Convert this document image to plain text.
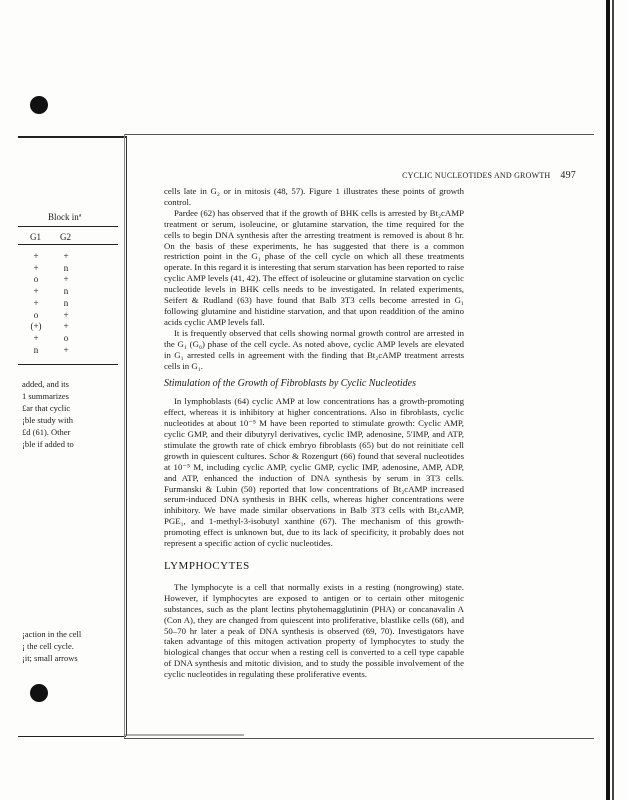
Block inª
G1	G2
+
+
o
+
+
o
(+)
+
n
+
n
+
n
n
+
+
o
+
added, and its
1 summarizes
£ar that cyclic
¡ble study with
£d (61). Other
¡ble if added to
¡action in the cell
¡ the cell cycle.
¡it; small arrows
CYCLIC NUCLEOTIDES AND GROWTH 497

cells late in G₂ or in mitosis (48, 57). Figure 1 illustrates these points of growth control.

Pardee (62) has observed that if the growth of BHK cells is arrested by Bt₂cAMP treatment or serum, isoleucine, or glutamine starvation, the time required for the cells to begin DNA synthesis after the arresting treatment is removed is about 8 hr. On the basis of these experiments, he has suggested that there is a common restriction point in the G₁ phase of the cell cycle on which all these treatments operate. In this regard it is interesting that serum starvation has been reported to raise cyclic AMP levels (41, 42). The effect of isoleucine or glutamine starvation on cyclic nucleotide levels in BHK cells needs to be investigated. In related experiments, Seifert & Rudland (63) have found that Balb 3T3 cells become arrested in G₁ following glutamine and histidine starvation, and that upon readdition of the amino acids cyclic AMP levels fall.

It is frequently observed that cells showing normal growth control are arrested in the G₁ (G₀) phase of the cell cycle. As noted above, cyclic AMP levels are elevated in G₁ arrested cells in agreement with the finding that Bt₂cAMP treatment arrests cells in G₁.

Stimulation of the Growth of Fibroblasts by Cyclic Nucleotides

In lymphoblasts (64) cyclic AMP at low concentrations has a growth-promoting effect, whereas it is inhibitory at higher concentrations. Also in fibroblasts, cyclic nucleotides at about 10⁻⁵ M have been reported to stimulate growth: Cyclic AMP, cyclic GMP, and their dibutyryl derivatives, cyclic IMP, adenosine, 5′IMP, and ATP, stimulate the growth rate of chick embryo fibroblasts (65) but do not reinitiate cell growth in quiescent cultures. Schor & Rozengurt (66) found that several nucleotides at 10⁻⁵ M, including cyclic AMP, cyclic GMP, cyclic IMP, adenosine, AMP, ADP, and ATP, enhanced the induction of DNA synthesis by serum in 3T3 cells. Furmanski & Lubin (50) reported that low concentrations of Bt₂cAMP increased serum-induced DNA synthesis in BHK cells, whereas higher concentrations were inhibitory. We have made similar observations in Balb 3T3 cells with Bt₂cAMP, PGE₁, and 1-methyl-3-isobutyl xanthine (67). The mechanism of this growth-promoting effect is unknown but, due to its lack of specificity, it probably does not represent a specific action of cyclic nucleotides.

LYMPHOCYTES

The lymphocyte is a cell that normally exists in a resting (nongrowing) state. However, if lymphocytes are exposed to antigen or to certain other mitogenic substances, such as the plant lectins phytohemagglutinin (PHA) or concanavalin A (Con A), they are changed from quiescent into proliferative, blastlike cells (68), and 50–70 hr later a peak of DNA synthesis is observed (69, 70). Investigators have taken advantage of this mitogen activation property of lymphocytes to study the biological changes that occur when a resting cell is converted to a cell type capable of DNA synthesis and mitotic division, and to study the possible involvement of the cyclic nucleotides in regulating these proliferative events.
